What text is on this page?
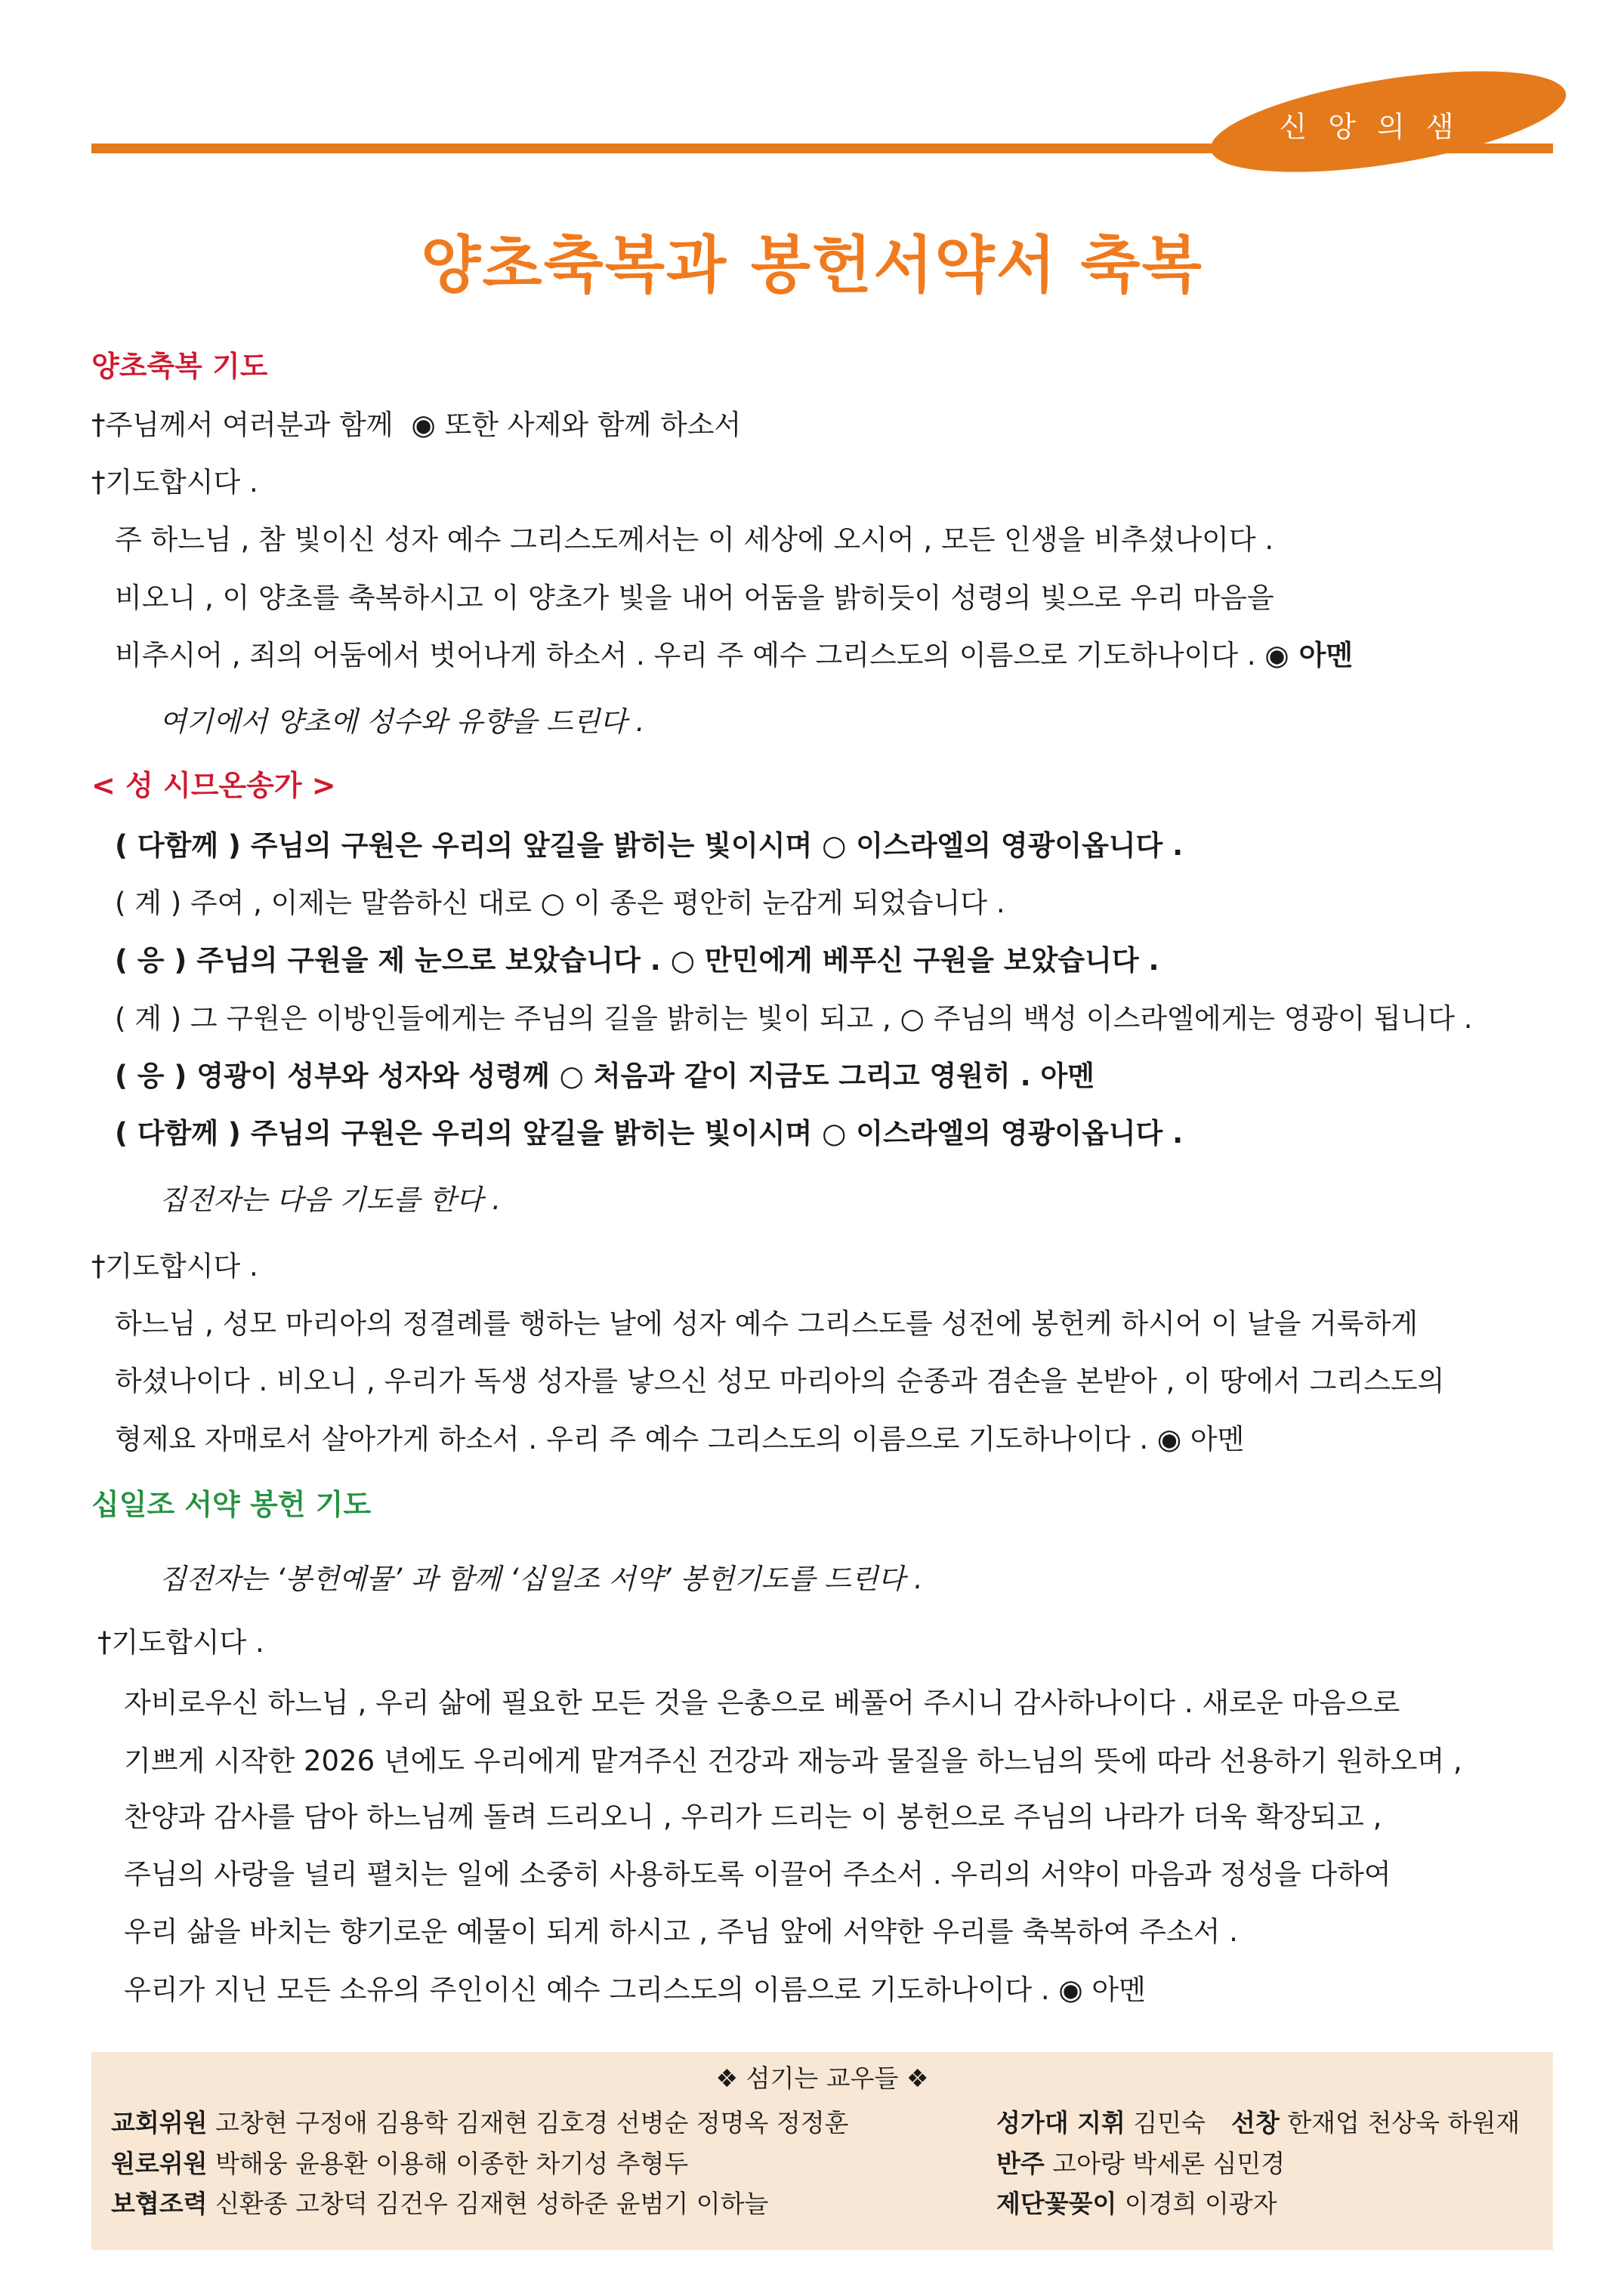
신 앙 의 샘
양초축복과 봉헌서약서 축복
양초축복 기도
†주님께서 여러분과 함께 ◉ 또한 사제와 함께 하소서
†기도합시다 .
주 하느님 , 참 빛이신 성자 예수 그리스도께서는 이 세상에 오시어 , 모든 인생을 비추셨나이다 .
비오니 , 이 양초를 축복하시고 이 양초가 빛을 내어 어둠을 밝히듯이 성령의 빛으로 우리 마음을
비추시어 , 죄의 어둠에서 벗어나게 하소서 . 우리 주 예수 그리스도의 이름으로 기도하나이다 . ◉ 아멘
여기에서 양초에 성수와 유향을 드린다 .
< 성 시므온송가 >
( 다함께 ) 주님의 구원은 우리의 앞길을 밝히는 빛이시며 ○ 이스라엘의 영광이옵니다 .
( 계 ) 주여 , 이제는 말씀하신 대로 ○ 이 종은 평안히 눈감게 되었습니다 .
( 응 ) 주님의 구원을 제 눈으로 보았습니다 . ○ 만민에게 베푸신 구원을 보았습니다 .
( 계 ) 그 구원은 이방인들에게는 주님의 길을 밝히는 빛이 되고 , ○ 주님의 백성 이스라엘에게는 영광이 됩니다 .
( 응 ) 영광이 성부와 성자와 성령께 ○ 처음과 같이 지금도 그리고 영원히 . 아멘
( 다함께 ) 주님의 구원은 우리의 앞길을 밝히는 빛이시며 ○ 이스라엘의 영광이옵니다 .
집전자는 다음 기도를 한다 .
†기도합시다 .
하느님 , 성모 마리아의 정결례를 행하는 날에 성자 예수 그리스도를 성전에 봉헌케 하시어 이 날을 거룩하게
하셨나이다 . 비오니 , 우리가 독생 성자를 낳으신 성모 마리아의 순종과 겸손을 본받아 , 이 땅에서 그리스도의
형제요 자매로서 살아가게 하소서 . 우리 주 예수 그리스도의 이름으로 기도하나이다 . ◉ 아멘
십일조 서약 봉헌 기도
집전자는 ‘봉헌예물’ 과 함께 ‘십일조 서약’ 봉헌기도를 드린다 .
†기도합시다 .
자비로우신 하느님 , 우리 삶에 필요한 모든 것을 은총으로 베풀어 주시니 감사하나이다 . 새로운 마음으로
기쁘게 시작한 2026 년에도 우리에게 맡겨주신 건강과 재능과 물질을 하느님의 뜻에 따라 선용하기 원하오며 ,
찬양과 감사를 담아 하느님께 돌려 드리오니 , 우리가 드리는 이 봉헌으로 주님의 나라가 더욱 확장되고 ,
주님의 사랑을 널리 펼치는 일에 소중히 사용하도록 이끌어 주소서 . 우리의 서약이 마음과 정성을 다하여
우리 삶을 바치는 향기로운 예물이 되게 하시고 , 주님 앞에 서약한 우리를 축복하여 주소서 .
우리가 지닌 모든 소유의 주인이신 예수 그리스도의 이름으로 기도하나이다 . ◉ 아멘
❖ 섬기는 교우들 ❖
교회위원 고창현 구정애 김용학 김재현 김호경 선병순 정명옥 정정훈
원로위원 박해웅 윤용환 이용해 이종한 차기성 추형두
보협조력 신환종 고창덕 김건우 김재현 성하준 윤범기 이하늘
성가대 지휘 김민숙 선창 한재업 천상욱 하원재
반주 고아랑 박세론 심민경
제단꽃꽂이 이경희 이광자
